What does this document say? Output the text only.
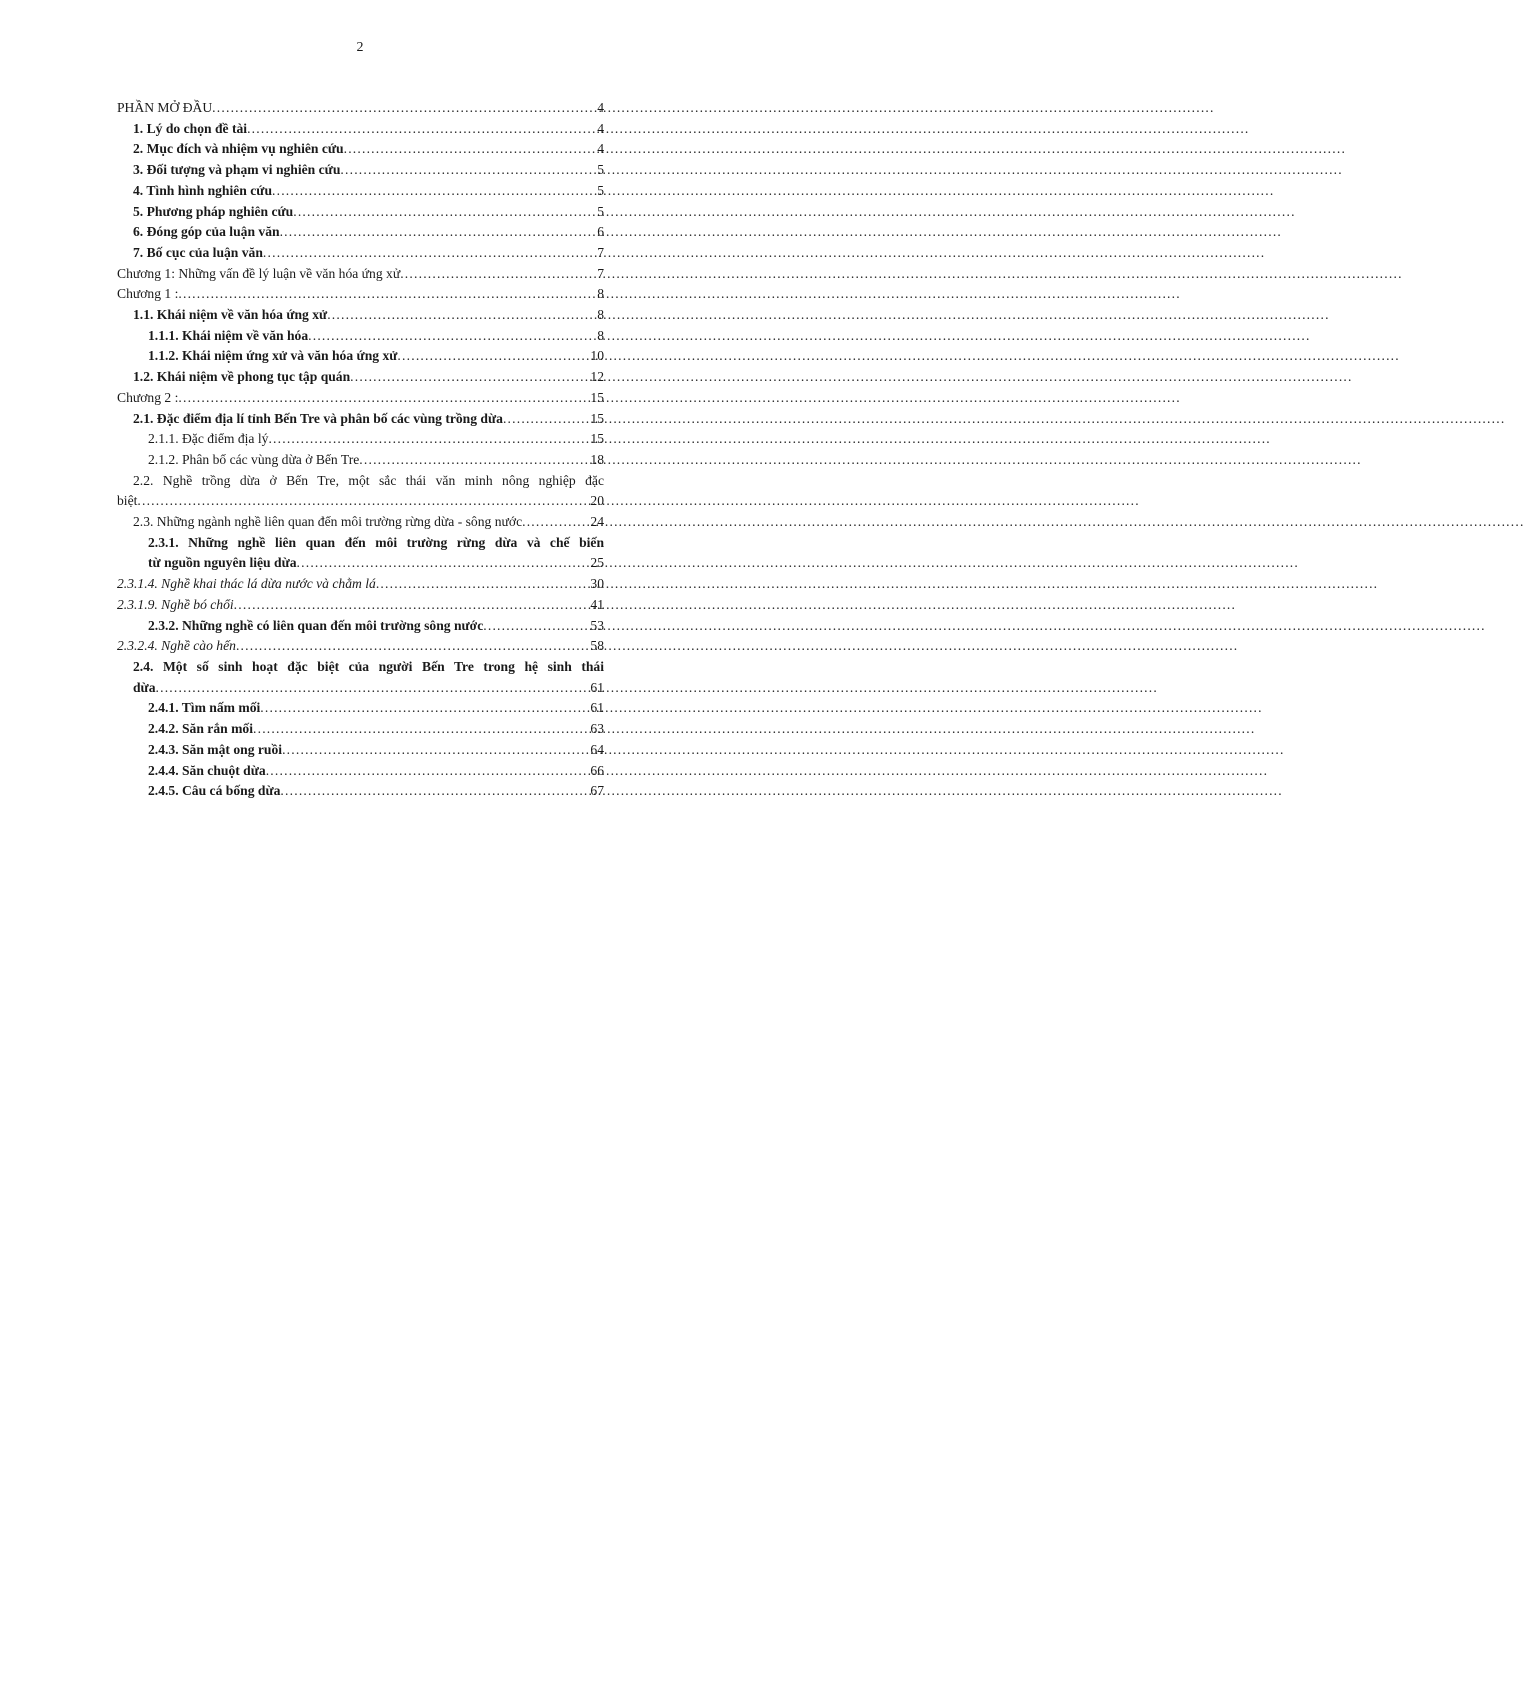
2
PHẦN MỞ ĐẦU .....	4
1. Lý do chọn đề tài .....	4
2. Mục đích và nhiệm vụ nghiên cứu .....	4
3. Đối tượng và phạm vi nghiên cứu .....	5
4. Tình hình nghiên cứu .....	5
5. Phương pháp nghiên cứu .....	5
6. Đóng góp của luận văn .....	6
7. Bố cục của luận văn .....	7
Chương 1: Những vấn đề lý luận về văn hóa ứng xử .....	7
Chương 1 : .....	8
1.1. Khái niệm về văn hóa ứng xử .....	8
1.1.1. Khái niệm về văn hóa .....	8
1.1.2. Khái niệm ứng xử và văn hóa ứng xử .....	10
1.2. Khái niệm về phong tục tập quán .....	12
Chương 2 : .....	15
2.1. Đặc điểm địa lí tỉnh Bến Tre và phân bố các vùng trồng dừa .....	15
2.1.1. Đặc điểm địa lý .....	15
2.1.2. Phân bố các vùng dừa ở Bến Tre .....	18
2.2. Nghề trồng dừa ở Bến Tre, một sắc thái văn minh nông nghiệp đặc
biệt .....	20
2.3. Những ngành nghề liên quan đến môi trường rừng dừa - sông nước .....	24
2.3.1. Những nghề liên quan đến môi trường rừng dừa và chế biến
từ nguồn nguyên liệu dừa .....	25
2.3.1.4. Nghề khai thác lá dừa nước và chằm lá .....	30
2.3.1.9. Nghề bó chổi .....	41
2.3.2. Những nghề có liên quan đến môi trường sông nước .....	53
2.3.2.4. Nghề cào hến .....	58
2.4. Một số sinh hoạt đặc biệt của người Bến Tre trong hệ sinh thái
dừa .....	61
2.4.1. Tìm nấm mối .....	61
2.4.2. Săn rắn mối .....	63
2.4.3. Săn mật ong ruồi .....	64
2.4.4. Săn chuột dừa .....	66
2.4.5. Câu cá bống dừa .....	67
